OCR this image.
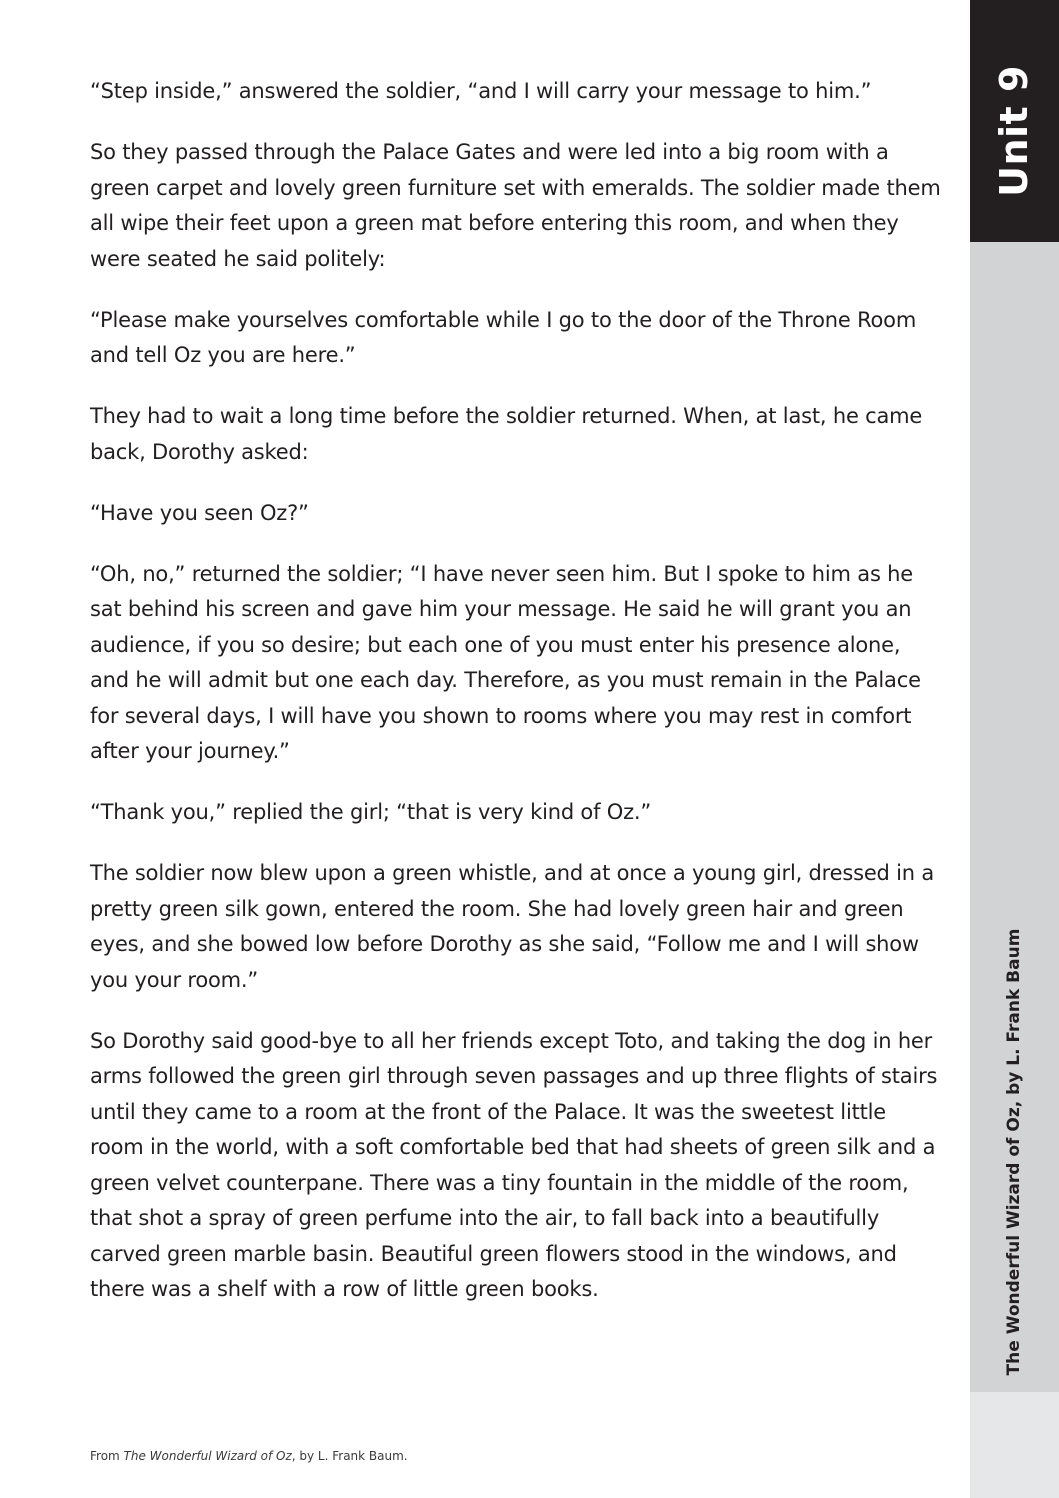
“Step inside,” answered the soldier, “and I will carry your message to him.”

So they passed through the Palace Gates and were led into a big room with a green carpet and lovely green furniture set with emeralds. The soldier made them all wipe their feet upon a green mat before entering this room, and when they were seated he said politely:

“Please make yourselves comfortable while I go to the door of the Throne Room and tell Oz you are here.”

They had to wait a long time before the soldier returned. When, at last, he came back, Dorothy asked:

“Have you seen Oz?”

“Oh, no,” returned the soldier; “I have never seen him. But I spoke to him as he sat behind his screen and gave him your message. He said he will grant you an audience, if you so desire; but each one of you must enter his presence alone, and he will admit but one each day. Therefore, as you must remain in the Palace for several days, I will have you shown to rooms where you may rest in comfort after your journey.”

“Thank you,” replied the girl; “that is very kind of Oz.”

The soldier now blew upon a green whistle, and at once a young girl, dressed in a pretty green silk gown, entered the room. She had lovely green hair and green eyes, and she bowed low before Dorothy as she said, “Follow me and I will show you your room.”

So Dorothy said good-bye to all her friends except Toto, and taking the dog in her arms followed the green girl through seven passages and up three flights of stairs until they came to a room at the front of the Palace. It was the sweetest little room in the world, with a soft comfortable bed that had sheets of green silk and a green velvet counterpane. There was a tiny fountain in the middle of the room, that shot a spray of green perfume into the air, to fall back into a beautifully carved green marble basin. Beautiful green flowers stood in the windows, and there was a shelf with a row of little green books.

From The Wonderful Wizard of Oz, by L. Frank Baum.
Unit 9
The Wonderful Wizard of Oz, by L. Frank Baum
